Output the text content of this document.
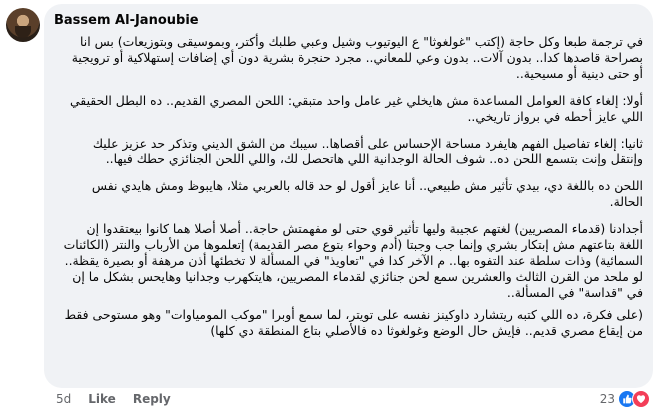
Bassem Al-Janoubie

في ترجمة طبعا وكل حاجة (إكتب "غولغوثا" ع اليوتيوب وشيل وعبي طلبك وأكتر، وبموسيقى وبتوزيعات) بس انا بصراحة قاصدها كدا.. بدون آلات.. بدون وعي للمعاني.. مجرد حنجرة بشرية دون أي إضافات إستهلاكية أو ترويجية أو حتى دينية أو مسيحية..

أولا: إلغاء كافة العوامل المساعدة مش هايخلي غير عامل واحد متبقي: اللحن المصري القديم.. ده البطل الحقيقي اللي عايز أحطه في برواز تاريخي..

ثانيا: إلغاء تفاصيل الفهم هايفرد مساحة الإحساس على أقصاها.. سيبك من الشق الديني وتذكر حد عزيز عليك وإنتقل وإنت بتسمع اللحن ده.. شوف الحالة الوجدانية اللي هاتحصل لك، واللي اللحن الجنائزي حطك فيها..

اللحن ده باللغة دي، بيدي تأثير مش طبيعي.. أنا عايز أقول لو حد قاله بالعربي مثلا، هايبوظ ومش هايدي نفس الحالة.

أجدادنا (قدماء المصريين) لغتهم عجيبة وليها تأثير قوي حتى لو مفهمتش حاجة.. أصلا أصلا هما كانوا بيعتقدوا إن اللغة بتاعتهم مش إبتكار بشري وإنما جب وجبتا (أدم وحواء بتوع مصر القديمة) إتعلموها من الأرباب والنتر (الكائنات السمائية) وذات سلطة عند التفوه بها.. م الآخر كدا في "تعاويذ" في المسألة لا تخطئها أذن مرهفة أو بصيرة يقظة.. لو ملحد من القرن الثالث والعشرين سمع لحن جنائزي لقدماء المصريين، هايتكهرب وجدانيا وهايحس بشكل ما إن في "قداسة" في المسألة..

(على فكرة، ده اللي كتبه ريتشارد داوكينز نفسه على تويتر، لما سمع أوبرا "موكب المومياوات" وهو مستوحى فقط من إيقاع مصري قديم.. فإيش حال الوضع وغولغوثا ده فالأصلي بتاع المنطقة دي كلها)

5d Like Reply	23
